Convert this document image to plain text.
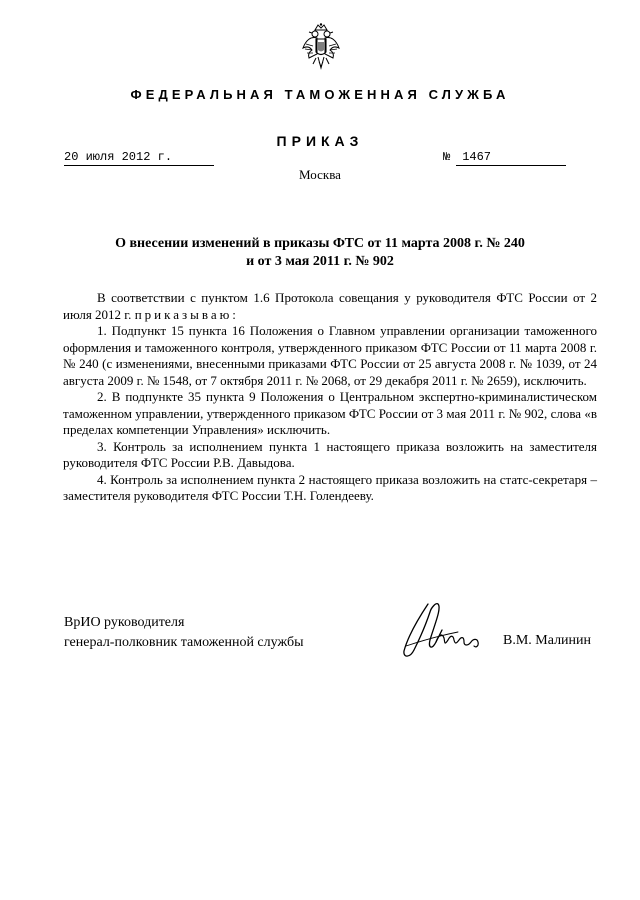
ФЕДЕРАЛЬНАЯ ТАМОЖЕННАЯ СЛУЖБА
ПРИКАЗ
20 июля 2012 г.	№ 1467
Москва
О внесении изменений в приказы ФТС от 11 марта 2008 г. № 240
и от 3 мая 2011 г. № 902

В соответствии с пунктом 1.6 Протокола совещания у руководителя ФТС России от 2 июля 2012 г. приказываю:

1. Подпункт 15 пункта 16 Положения о Главном управлении организации таможенного оформления и таможенного контроля, утвержденного приказом ФТС России от 11 марта 2008 г. № 240 (с изменениями, внесенными приказами ФТС России от 25 августа 2008 г. № 1039, от 24 августа 2009 г. № 1548, от 7 октября 2011 г. № 2068, от 29 декабря 2011 г. № 2659), исключить.

2. В подпункте 35 пункта 9 Положения о Центральном экспертно-криминалистическом таможенном управлении, утвержденного приказом ФТС России от 3 мая 2011 г. № 902, слова «в пределах компетенции Управления» исключить.

3. Контроль за исполнением пункта 1 настоящего приказа возложить на заместителя руководителя ФТС России Р.В. Давыдова.

4. Контроль за исполнением пункта 2 настоящего приказа возложить на статс-секретаря – заместителя руководителя ФТС России Т.Н. Голендееву.

ВрИО руководителя
генерал-полковник таможенной службы	В.М. Малинин
